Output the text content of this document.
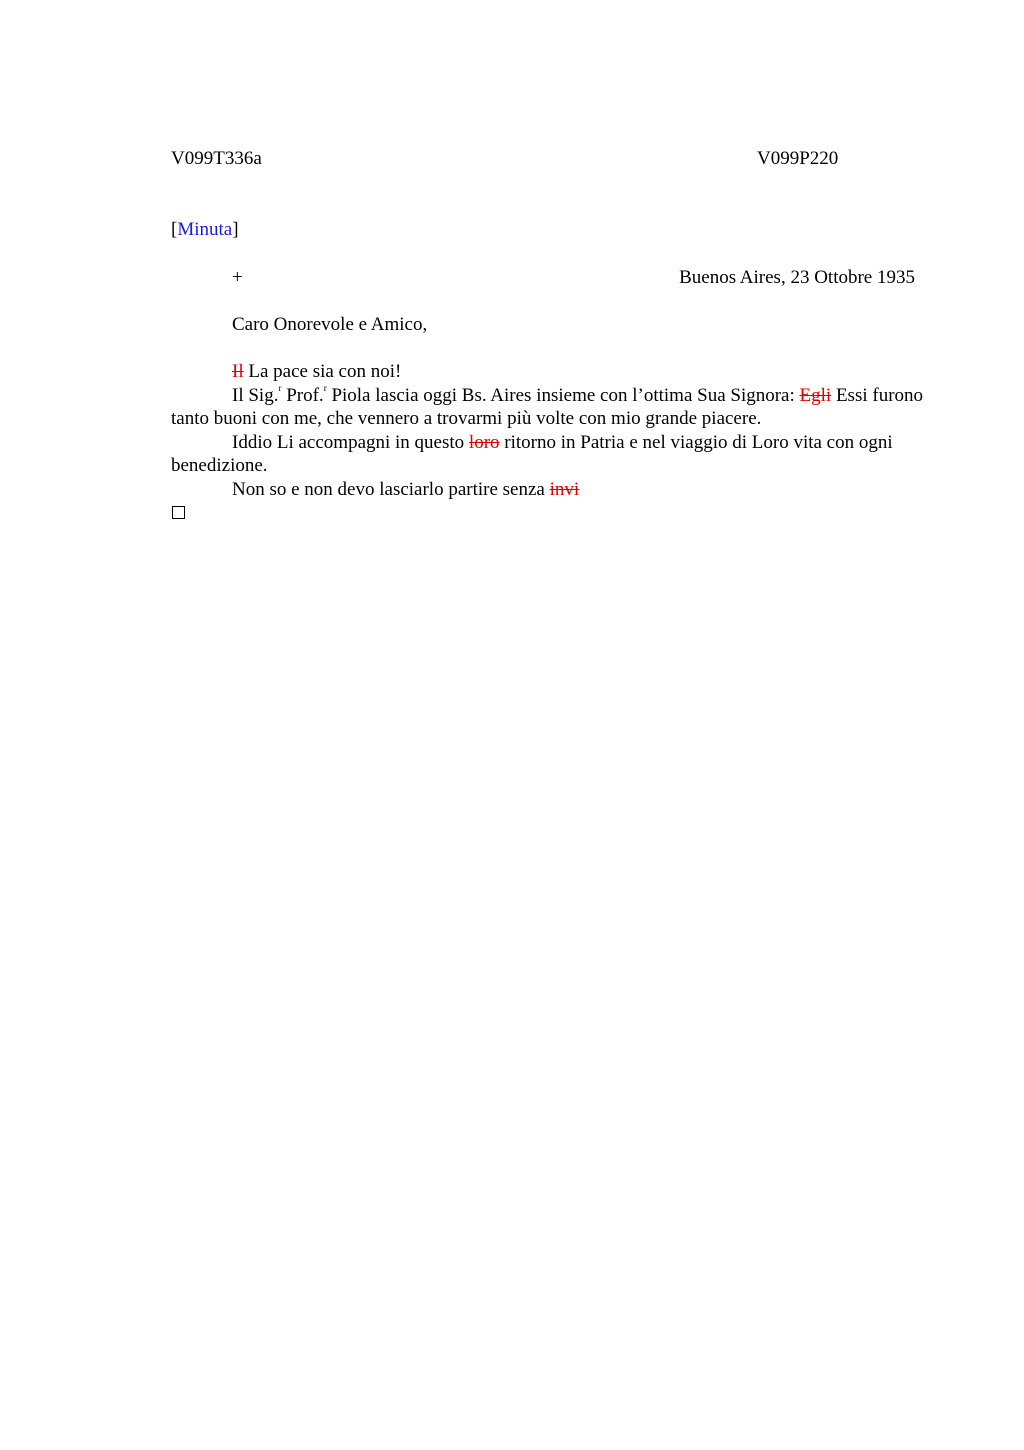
V099T336a	V099P220
[Minuta]
+	Buenos Aires, 23 Ottobre 1935
Caro Onorevole e Amico,

Il La pace sia con noi!

Il Sig.$^r$ Prof.$^r$ Piola lascia oggi Bs. Aires insieme con l’ottima Sua Signora: Egli Essi furono tanto buoni con me, che vennero a trovarmi più volte con mio grande piacere.

Iddio Li accompagni in questo loro ritorno in Patria e nel viaggio di Loro vita con ogni benedizione.

Non so e non devo lasciarlo partire senza invi
